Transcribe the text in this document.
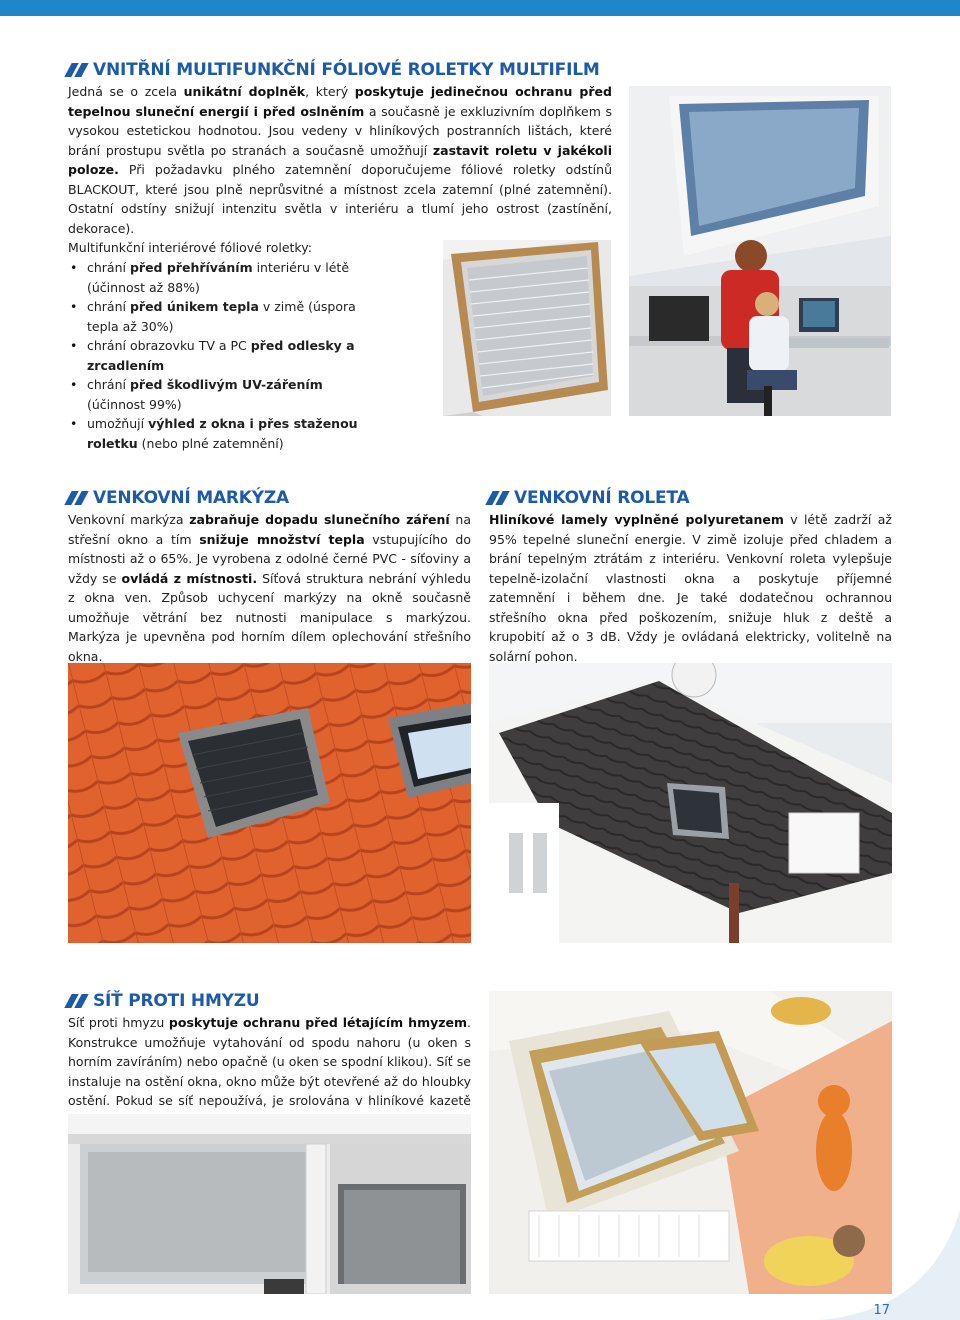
VNITŘNÍ MULTIFUNKČNÍ FÓLIOVÉ ROLETKY MULTIFILM

Jedná se o zcela unikátní doplněk, který poskytuje jedinečnou ochranu před tepelnou sluneční energií i před oslněním a současně je exkluzivním doplňkem s vysokou estetickou hodnotou. Jsou vedeny v hliníkových postranních lištách, které brání prostupu světla po stranách a současně umožňují zastavit roletu v jakékoli poloze. Při požadavku plného zatemnění doporučujeme fóliové roletky odstínů BLACKOUT, které jsou plně neprůsvitné a místnost zcela zatemní (plné zatemnění). Ostatní odstíny snižují intenzitu světla v interiéru a tlumí jeho ostrost (zastínění, dekorace).

Multifunkční interiérové fóliové roletky:

• chrání před přehříváním interiéru v létě (účinnost až 88%)
• chrání před únikem tepla v zimě (úspora tepla až 30%)
• chrání obrazovku TV a PC před odlesky a zrcadlením
• chrání před škodlivým UV-zářením (účinnost 99%)
• umožňují výhled z okna i přes staženou roletku (nebo plné zatemnění)
VENKOVNÍ MARKÝZA

Venkovní markýza zabraňuje dopadu slunečního záření na střešní okno a tím snižuje množství tepla vstupujícího do místnosti až o 65%. Je vyrobena z odolné černé PVC - síťoviny a vždy se ovládá z místnosti. Síťová struktura nebrání výhledu z okna ven. Způsob uchycení markýzy na okně současně umožňuje větrání bez nutnosti manipulace s markýzou. Markýza je upevněna pod horním dílem oplechování střešního okna.

VENKOVNÍ ROLETA

Hliníkové lamely vyplněné polyuretanem v létě zadrží až 95% tepelné sluneční energie. V zimě izoluje před chladem a brání tepelným ztrátám z interiéru. Venkovní roleta vylepšuje tepelně-izolační vlastnosti okna a poskytuje příjemné zatemnění i během dne. Je také dodatečnou ochrannou střešního okna před poškozením, snižuje hluk z deště a krupobití až o 3 dB. Vždy je ovládaná elektricky, volitelně na solární pohon.

SÍŤ PROTI HMYZU

Síť proti hmyzu poskytuje ochranu před létajícím hmyzem. Konstrukce umožňuje vytahování od spodu nahoru (u oken s horním zavíráním) nebo opačně (u oken se spodní klikou). Síť se instaluje na ostění okna, okno může být otevřené až do hloubky ostění. Pokud se síť nepoužívá, je srolována v hliníkové kazetě

17
